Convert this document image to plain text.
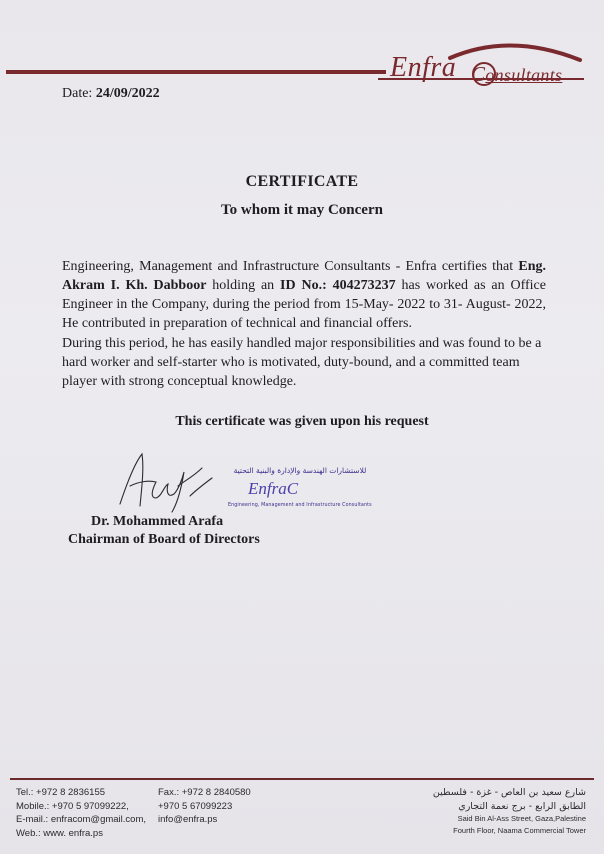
Enfra Consultants
Date: 24/09/2022
CERTIFICATE
To whom it may Concern
Engineering, Management and Infrastructure Consultants - Enfra certifies that Eng. Akram I. Kh. Dabboor holding an ID No.: 404273237 has worked as an Office Engineer in the Company, during the period from 15-May- 2022 to 31- August- 2022, He contributed in preparation of technical and financial offers.
During this period, he has easily handled major responsibilities and was found to be a hard worker and self-starter who is motivated, duty-bound, and a committed team player with strong conceptual knowledge.
This certificate was given upon his request
للاستشارات الهندسة والإدارة والبنية التحتية
EnfraC
Engineering, Management and Infrastructure Consultants
Dr. Mohammed Arafa
Chairman of Board of Directors
Tel.: +972 8 2836155
Mobile.: +970 5 97099222,
E-mail.: enfracom@gmail.com,
Web.: www. enfra.ps
Fax.: +972 8 2840580
+970 5 67099223
info@enfra.ps
شارع سعيد بن العاص - غزة - فلسطين
الطابق الرابع - برج نعمة التجاري
Said Bin Al-Ass Street, Gaza,Palestine
Fourth Floor, Naama Commercial Tower
